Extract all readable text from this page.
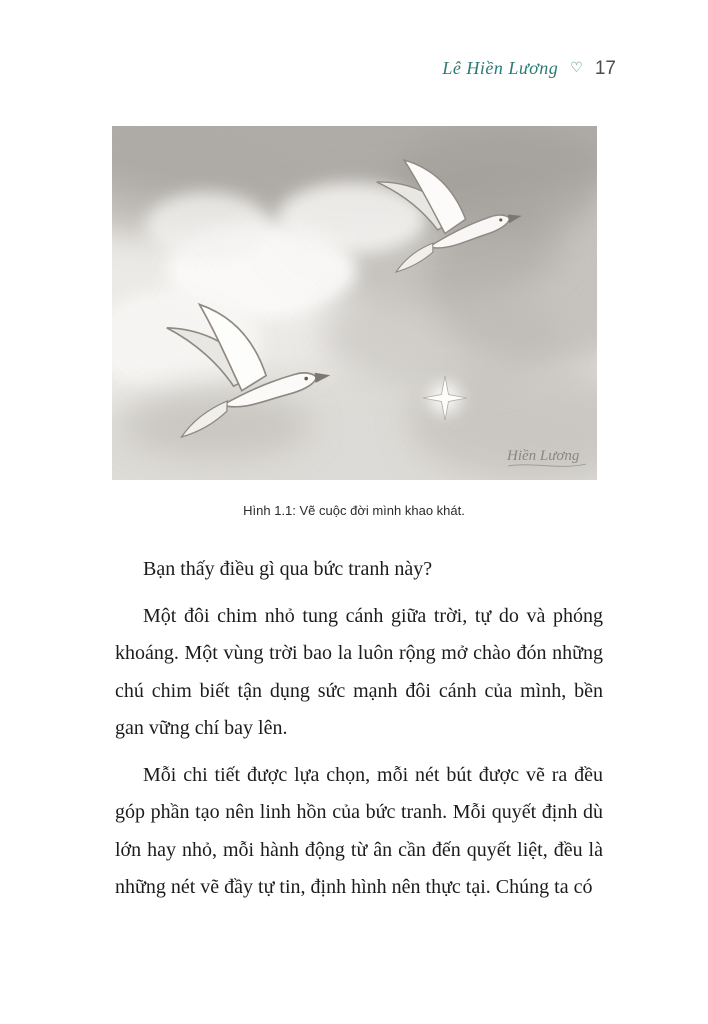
Lê Hiền Lương ♡ 17
Hiền Lương
Hình 1.1: Vẽ cuộc đời mình khao khát.

Bạn thấy điều gì qua bức tranh này?

Một đôi chim nhỏ tung cánh giữa trời, tự do và phóng khoáng. Một vùng trời bao la luôn rộng mở chào đón những chú chim biết tận dụng sức mạnh đôi cánh của mình, bền gan vững chí bay lên.

Mỗi chi tiết được lựa chọn, mỗi nét bút được vẽ ra đều góp phần tạo nên linh hồn của bức tranh. Mỗi quyết định dù lớn hay nhỏ, mỗi hành động từ ân cần đến quyết liệt, đều là những nét vẽ đầy tự tin, định hình nên thực tại. Chúng ta có
